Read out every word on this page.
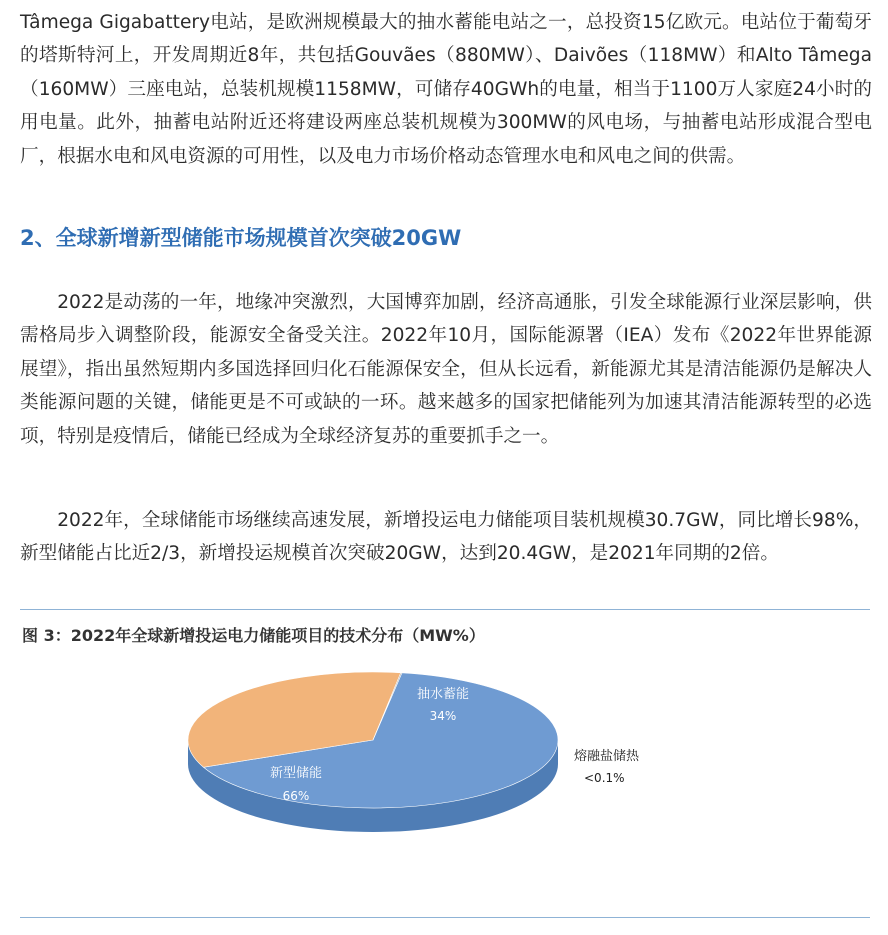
Tâmega Gigabattery电站，是欧洲规模最大的抽水蓄能电站之一，总投资15亿欧元。电站位于葡萄牙的塔斯特河上，开发周期近8年，共包括Gouvães（880MW）、Daivões（118MW）和Alto Tâmega（160MW）三座电站，总装机规模1158MW，可储存40GWh的电量，相当于1100万人家庭24小时的用电量。此外，抽蓄电站附近还将建设两座总装机规模为300MW的风电场，与抽蓄电站形成混合型电厂，根据水电和风电资源的可用性，以及电力市场价格动态管理水电和风电之间的供需。

2、全球新增新型储能市场规模首次突破20GW

2022是动荡的一年，地缘冲突激烈，大国博弈加剧，经济高通胀，引发全球能源行业深层影响，供需格局步入调整阶段，能源安全备受关注。2022年10月，国际能源署（IEA）发布《2022年世界能源展望》，指出虽然短期内多国选择回归化石能源保安全，但从长远看，新能源尤其是清洁能源仍是解决人类能源问题的关键，储能更是不可或缺的一环。越来越多的国家把储能列为加速其清洁能源转型的必选项，特别是疫情后，储能已经成为全球经济复苏的重要抓手之一。

2022年，全球储能市场继续高速发展，新增投运电力储能项目装机规模30.7GW，同比增长98%，新型储能占比近2/3，新增投运规模首次突破20GW，达到20.4GW，是2021年同期的2倍。

图 3：2022年全球新增投运电力储能项目的技术分布（MW%）

新型储能
66%
抽水蓄能
34%
熔融盐储热
<0.1%
